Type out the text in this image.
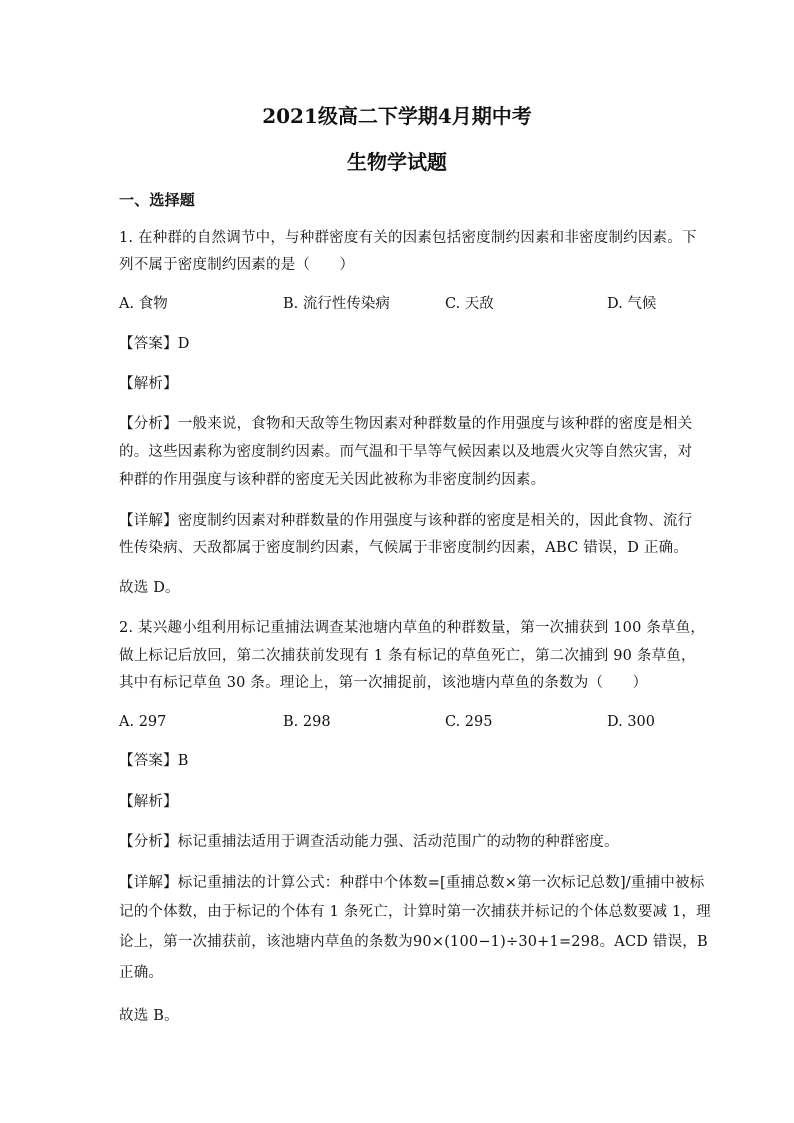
2021级高二下学期4月期中考
生物学试题
一、选择题
1. 在种群的自然调节中，与种群密度有关的因素包括密度制约因素和非密度制约因素。下
列不属于密度制约因素的是（　　）
A. 食物	B. 流行性传染病	C. 天敌	D. 气候
【答案】D
【解析】
【分析】一般来说，食物和天敌等生物因素对种群数量的作用强度与该种群的密度是相关
的。这些因素称为密度制约因素。而气温和干旱等气候因素以及地震火灾等自然灾害，对
种群的作用强度与该种群的密度无关因此被称为非密度制约因素。
【详解】密度制约因素对种群数量的作用强度与该种群的密度是相关的，因此食物、流行
性传染病、天敌都属于密度制约因素，气候属于非密度制约因素，ABC 错误，D 正确。
故选 D。
2. 某兴趣小组利用标记重捕法调查某池塘内草鱼的种群数量，第一次捕获到 100 条草鱼，
做上标记后放回，第二次捕获前发现有 1 条有标记的草鱼死亡，第二次捕到 90 条草鱼，
其中有标记草鱼 30 条。理论上，第一次捕捉前，该池塘内草鱼的条数为（　　）
A. 297	B. 298	C. 295	D. 300
【答案】B
【解析】
【分析】标记重捕法适用于调查活动能力强、活动范围广的动物的种群密度。
【详解】标记重捕法的计算公式：种群中个体数=[重捕总数×第一次标记总数]/重捕中被标
记的个体数，由于标记的个体有 1 条死亡，计算时第一次捕获并标记的个体总数要减 1，理
论上，第一次捕获前，该池塘内草鱼的条数为90×(100−1)÷30+1=298。ACD 错误，B
正确。
故选 B。
